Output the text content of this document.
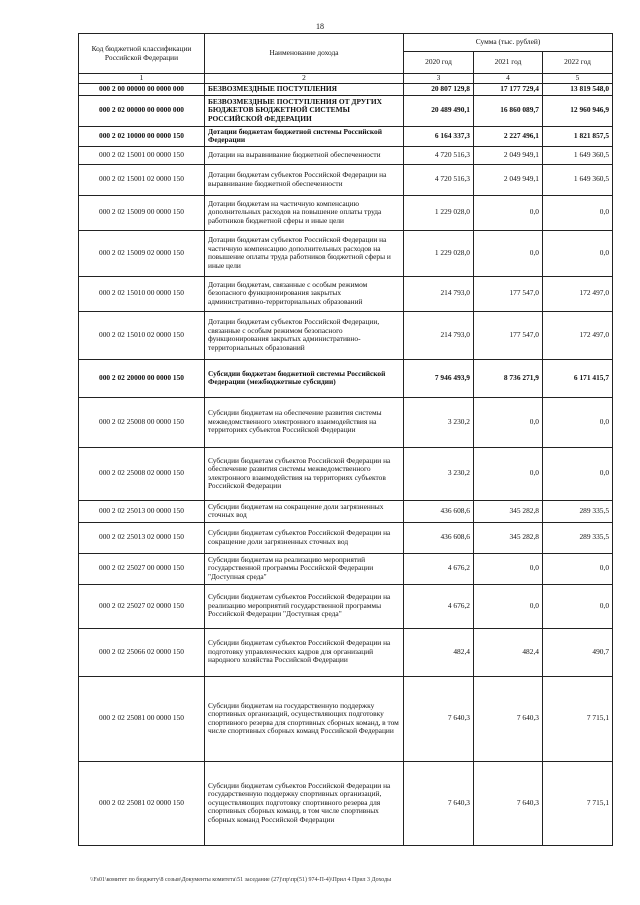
18
Код бюджетной классификации Российской Федерации	Наименование дохода	Сумма (тыс. рублей)		
		2020 год	2021 год	2022 год
1	2	3	4	5
000 2 00 00000 00 0000 000	БЕЗВОЗМЕЗДНЫЕ ПОСТУПЛЕНИЯ	20 807 129,8	17 177 729,4	13 819 548,0
000 2 02 00000 00 0000 000	БЕЗВОЗМЕЗДНЫЕ ПОСТУПЛЕНИЯ ОТ ДРУГИХ БЮДЖЕТОВ БЮДЖЕТНОЙ СИСТЕМЫ РОССИЙСКОЙ ФЕДЕРАЦИИ	20 489 490,1	16 860 089,7	12 960 946,9
000 2 02 10000 00 0000 150	Дотации бюджетам бюджетной системы Российской Федерации	6 164 337,3	2 227 496,1	1 821 857,5
000 2 02 15001 00 0000 150	Дотации на выравнивание бюджетной обеспеченности	4 720 516,3	2 049 949,1	1 649 360,5
000 2 02 15001 02 0000 150	Дотации бюджетам субъектов Российской Федерации на выравнивание бюджетной обеспеченности	4 720 516,3	2 049 949,1	1 649 360,5
000 2 02 15009 00 0000 150	Дотации бюджетам на частичную компенсацию дополнительных расходов на повышение оплаты труда работников бюджетной сферы и иные цели	1 229 028,0	0,0	0,0
000 2 02 15009 02 0000 150	Дотации бюджетам субъектов Российской Федерации на частичную компенсацию дополнительных расходов на повышение оплаты труда работников бюджетной сферы и иные цели	1 229 028,0	0,0	0,0
000 2 02 15010 00 0000 150	Дотации бюджетам, связанные с особым режимом безопасного функционирования закрытых административно-территориальных образований	214 793,0	177 547,0	172 497,0
000 2 02 15010 02 0000 150	Дотации бюджетам субъектов Российской Федерации, связанные с особым режимом безопасного функционирования закрытых административно-территориальных образований	214 793,0	177 547,0	172 497,0
000 2 02 20000 00 0000 150	Субсидии бюджетам бюджетной системы Российской Федерации (межбюджетные субсидии)	7 946 493,9	8 736 271,9	6 171 415,7
000 2 02 25008 00 0000 150	Субсидии бюджетам на обеспечение развития системы межведомственного электронного взаимодействия на территориях субъектов Российской Федерации	3 230,2	0,0	0,0
000 2 02 25008 02 0000 150	Субсидии бюджетам субъектов Российской Федерации на обеспечение развития системы межведомственного электронного взаимодействия на территориях субъектов Российской Федерации	3 230,2	0,0	0,0
000 2 02 25013 00 0000 150	Субсидии бюджетам на сокращение доли загрязненных сточных вод	436 608,6	345 282,8	289 335,5
000 2 02 25013 02 0000 150	Субсидии бюджетам субъектов Российской Федерации на сокращение доли загрязненных сточных вод	436 608,6	345 282,8	289 335,5
000 2 02 25027 00 0000 150	Субсидии бюджетам на реализацию мероприятий государственной программы Российской Федерации "Доступная среда"	4 676,2	0,0	0,0
000 2 02 25027 02 0000 150	Субсидии бюджетам субъектов Российской Федерации на реализацию мероприятий государственной программы Российской Федерации "Доступная среда"	4 676,2	0,0	0,0
000 2 02 25066 02 0000 150	Субсидии бюджетам субъектов Российской Федерации на подготовку управленческих кадров для организаций народного хозяйства Российской Федерации	482,4	482,4	490,7
000 2 02 25081 00 0000 150	Субсидии бюджетам на государственную поддержку спортивных организаций, осуществляющих подготовку спортивного резерва для спортивных сборных команд, в том числе спортивных сборных команд Российской Федерации	7 640,3	7 640,3	7 715,1
000 2 02 25081 02 0000 150	Субсидии бюджетам субъектов Российской Федерации на государственную поддержку спортивных организаций, осуществляющих подготовку спортивного резерва для спортивных сборных команд, в том числе спортивных сборных команд Российской Федерации	7 640,3	7 640,3	7 715,1
\\Fs01\комитет по бюджету\8 созыв\Документы комитета\51 заседание (27)\пр\пр(51) 974-П-4)\Прил 4 Прил 3 Доходы
